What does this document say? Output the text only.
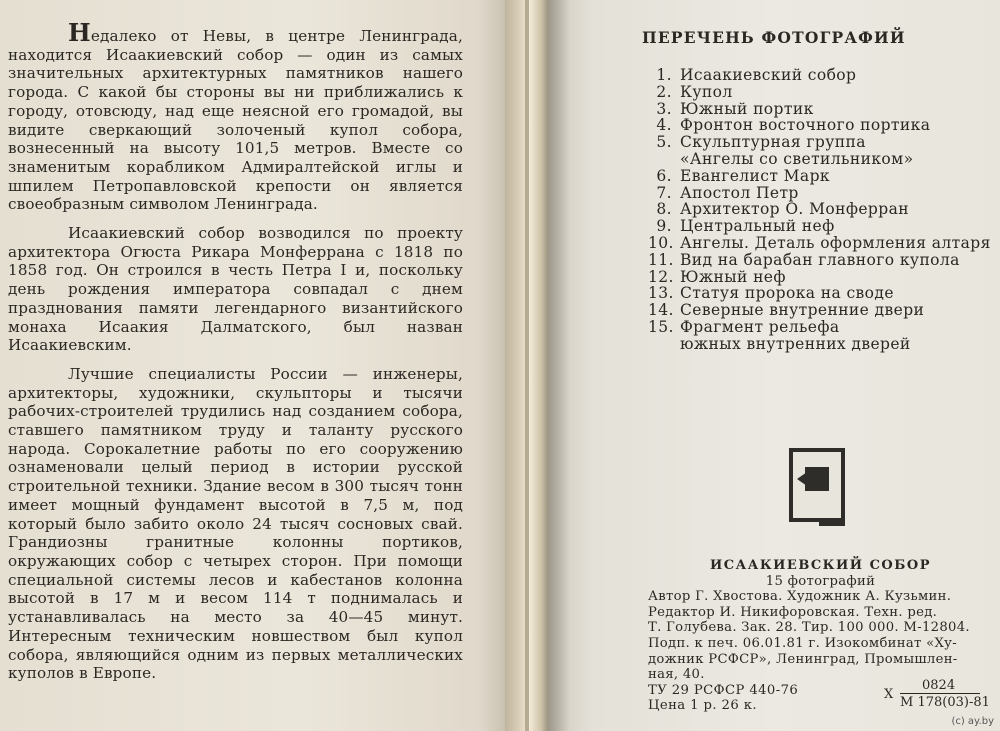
Недалеко от Невы, в центре Ленинграда, находится Исаакиевский собор — один из самых значительных архитектурных памятников нашего города. С какой бы стороны вы ни приближались к городу, отовсюду, над еще неясной его громадой, вы видите сверкающий золоченый купол собора, вознесенный на высоту 101,5 метров. Вместе со знаменитым корабликом Адмиралтейской иглы и шпилем Петропавловской крепости он является своеобразным символом Ленинграда.

Исаакиевский собор возводился по проекту архитектора Огюста Рикара Монферрана с 1818 по 1858 год. Он строился в честь Петра I и, поскольку день рождения императора совпадал с днем празднования памяти легендарного византийского монаха Исаакия Далматского, был назван Исаакиевским.

Лучшие специалисты России — инженеры, архитекторы, художники, скульпторы и тысячи рабочих-строителей трудились над созданием собора, ставшего памятником труду и таланту русского народа. Сорокалетние работы по его сооружению ознаменовали целый период в истории русской строительной техники. Здание весом в 300 тысяч тонн имеет мощный фундамент высотой в 7,5 м, под который было забито около 24 тысяч сосновых свай. Грандиозны гранитные колонны портиков, окружающих собор с четырех сторон. При помощи специальной системы лесов и кабестанов колонна высотой в 17 м и весом 114 т поднималась и устанавливалась на место за 40—45 минут. Интересным техническим новшеством был купол собора, являющийся одним из первых металлических куполов в Европе.

ПЕРЕЧЕНЬ ФОТОГРАФИЙ
1. Исаакиевский собор
2. Купол
3. Южный портик
4. Фронтон восточного портика
5. Скульптурная группа
«Ангелы со светильником»
6. Евангелист Марк
7. Апостол Петр
8. Архитектор О. Монферран
9. Центральный неф
10. Ангелы. Деталь оформления алтаря
11. Вид на барабан главного купола
12. Южный неф
13. Статуя пророка на своде
14. Северные внутренние двери
15. Фрагмент рельефа
южных внутренних дверей
ИСААКИЕВСКИЙ СОБОР
15 фотографий
Автор Г. Хвостова. Художник А. Кузьмин.
Редактор И. Никифоровская. Техн. ред.
Т. Голубева. Зак. 28. Тир. 100 000. М-12804.
Подп. к печ. 06.01.81 г. Изокомбинат «Ху-
дожник РСФСР», Ленинград, Промышлен-
ная, 40.
ТУ 29 РСФСР 440-76
Цена 1 р. 26 к.
Х
0824
М 178(03)-81
(c) ay.by
